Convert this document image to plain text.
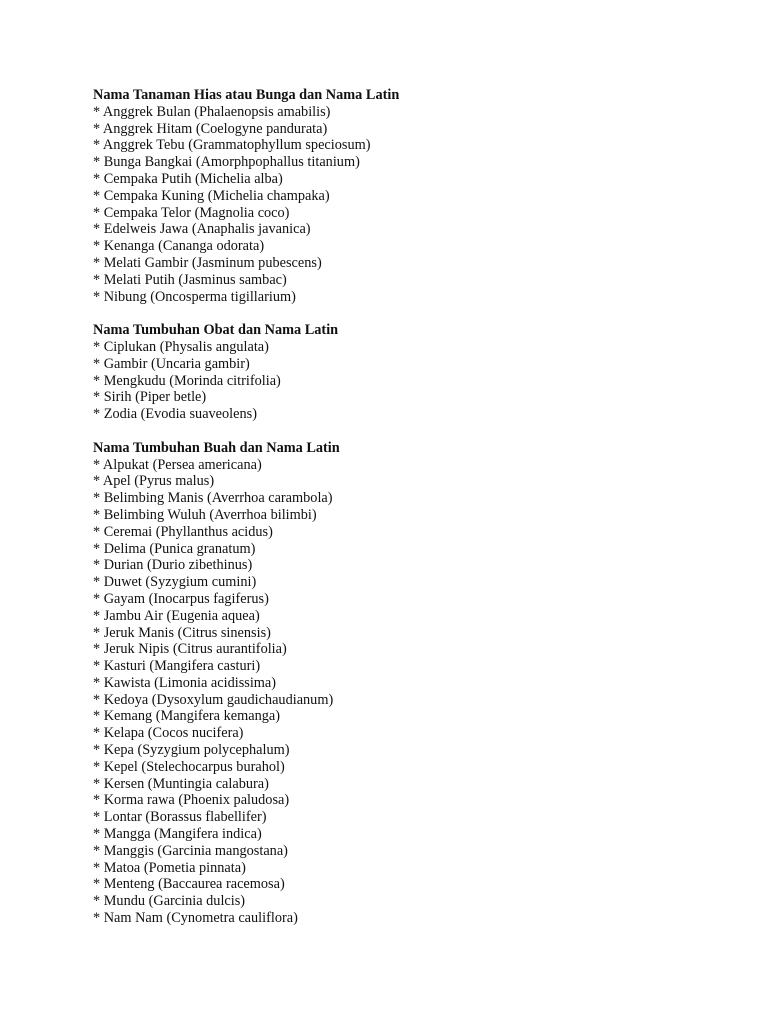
Nama Tanaman Hias atau Bunga dan Nama Latin

* Anggrek Bulan (Phalaenopsis amabilis)
* Anggrek Hitam (Coelogyne pandurata)
* Anggrek Tebu (Grammatophyllum speciosum)
* Bunga Bangkai (Amorphpophallus titanium)
* Cempaka Putih (Michelia alba)
* Cempaka Kuning (Michelia champaka)
* Cempaka Telor (Magnolia coco)
* Edelweis Jawa (Anaphalis javanica)
* Kenanga (Cananga odorata)
* Melati Gambir (Jasminum pubescens)
* Melati Putih (Jasminus sambac)
* Nibung (Oncosperma tigillarium)

Nama Tumbuhan Obat dan Nama Latin

* Ciplukan (Physalis angulata)
* Gambir (Uncaria gambir)
* Mengkudu (Morinda citrifolia)
* Sirih (Piper betle)
* Zodia (Evodia suaveolens)

Nama Tumbuhan Buah dan Nama Latin

* Alpukat (Persea americana)
* Apel (Pyrus malus)
* Belimbing Manis (Averrhoa carambola)
* Belimbing Wuluh (Averrhoa bilimbi)
* Ceremai (Phyllanthus acidus)
* Delima (Punica granatum)
* Durian (Durio zibethinus)
* Duwet (Syzygium cumini)
* Gayam (Inocarpus fagiferus)
* Jambu Air (Eugenia aquea)
* Jeruk Manis (Citrus sinensis)
* Jeruk Nipis (Citrus aurantifolia)
* Kasturi (Mangifera casturi)
* Kawista (Limonia acidissima)
* Kedoya (Dysoxylum gaudichaudianum)
* Kemang (Mangifera kemanga)
* Kelapa (Cocos nucifera)
* Kepa (Syzygium polycephalum)
* Kepel (Stelechocarpus burahol)
* Kersen (Muntingia calabura)
* Korma rawa (Phoenix paludosa)
* Lontar (Borassus flabellifer)
* Mangga (Mangifera indica)
* Manggis (Garcinia mangostana)
* Matoa (Pometia pinnata)
* Menteng (Baccaurea racemosa)
* Mundu (Garcinia dulcis)
* Nam Nam (Cynometra cauliflora)
